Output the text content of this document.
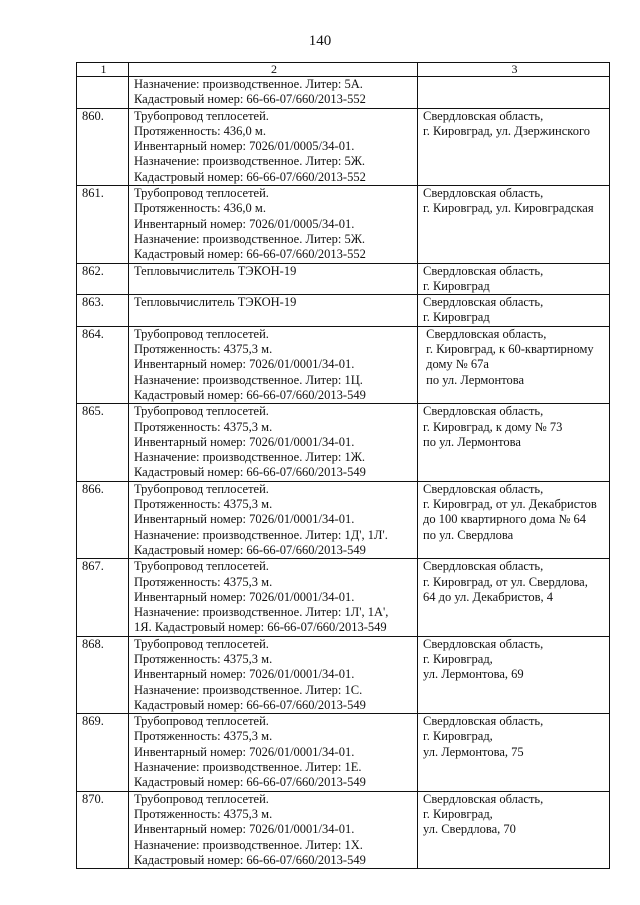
140
1	2	3

	Назначение: производственное. Литер: 5А.
Кадастровый номер: 66-66-07/660/2013-552	

860.	Трубопровод теплосетей.
Протяженность: 436,0 м.
Инвентарный номер: 7026/01/0005/34-01.
Назначение: производственное. Литер: 5Ж.
Кадастровый номер: 66-66-07/660/2013-552	Свердловская область,
г. Кировград, ул. Дзержинского

861.	Трубопровод теплосетей.
Протяженность: 436,0 м.
Инвентарный номер: 7026/01/0005/34-01.
Назначение: производственное. Литер: 5Ж.
Кадастровый номер: 66-66-07/660/2013-552	Свердловская область,
г. Кировград, ул. Кировградская

862.	Тепловычислитель ТЭКОН-19	Свердловская область,
г. Кировград

863.	Тепловычислитель ТЭКОН-19	Свердловская область,
г. Кировград

864.	Трубопровод теплосетей.
Протяженность: 4375,3 м.
Инвентарный номер: 7026/01/0001/34-01.
Назначение: производственное. Литер: 1Ц.
Кадастровый номер: 66-66-07/660/2013-549	Свердловская область,
г. Кировград, к 60-квартирному
дому № 67а
по ул. Лермонтова

865.	Трубопровод теплосетей.
Протяженность: 4375,3 м.
Инвентарный номер: 7026/01/0001/34-01.
Назначение: производственное. Литер: 1Ж.
Кадастровый номер: 66-66-07/660/2013-549	Свердловская область,
г. Кировград, к дому № 73
по ул. Лермонтова

866.	Трубопровод теплосетей.
Протяженность: 4375,3 м.
Инвентарный номер: 7026/01/0001/34-01.
Назначение: производственное. Литер: 1Д', 1Л'.
Кадастровый номер: 66-66-07/660/2013-549	Свердловская область,
г. Кировград, от ул. Декабристов
до 100 квартирного дома № 64
по ул. Свердлова

867.	Трубопровод теплосетей.
Протяженность: 4375,3 м.
Инвентарный номер: 7026/01/0001/34-01.
Назначение: производственное. Литер: 1Л', 1А',
1Я. Кадастровый номер: 66-66-07/660/2013-549	Свердловская область,
г. Кировград, от ул. Свердлова,
64 до ул. Декабристов, 4

868.	Трубопровод теплосетей.
Протяженность: 4375,3 м.
Инвентарный номер: 7026/01/0001/34-01.
Назначение: производственное. Литер: 1С.
Кадастровый номер: 66-66-07/660/2013-549	Свердловская область,
г. Кировград,
ул. Лермонтова, 69

869.	Трубопровод теплосетей.
Протяженность: 4375,3 м.
Инвентарный номер: 7026/01/0001/34-01.
Назначение: производственное. Литер: 1Е.
Кадастровый номер: 66-66-07/660/2013-549	Свердловская область,
г. Кировград,
ул. Лермонтова, 75

870.	Трубопровод теплосетей.
Протяженность: 4375,3 м.
Инвентарный номер: 7026/01/0001/34-01.
Назначение: производственное. Литер: 1Х.
Кадастровый номер: 66-66-07/660/2013-549	Свердловская область,
г. Кировград,
ул. Свердлова, 70
